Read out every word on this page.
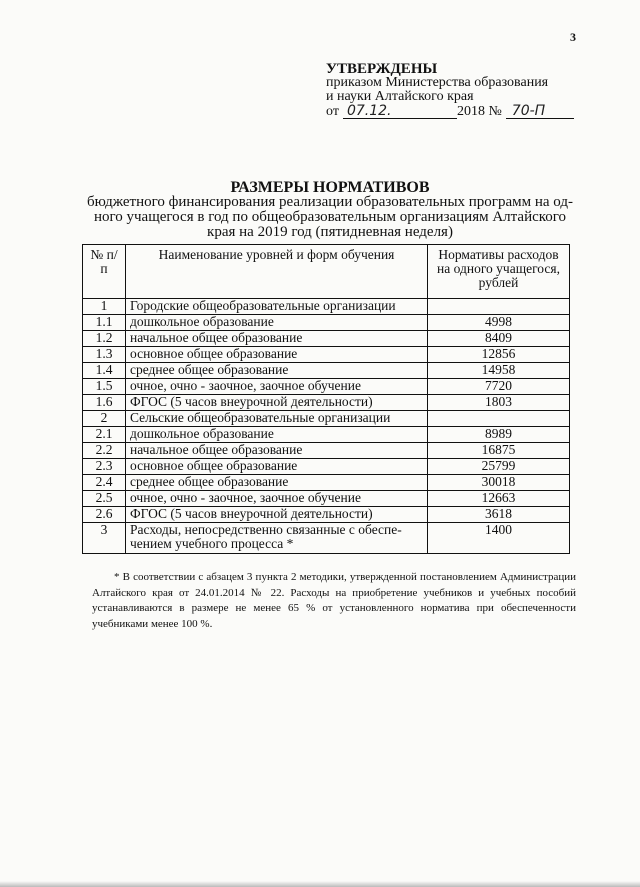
3
УТВЕРЖДЕНЫ
приказом Министерства образования
и науки Алтайского края
от 07.12.	2018
№ 70-П
РАЗМЕРЫ НОРМАТИВОВ
бюджетного финансирования реализации образовательных программ на од-
ного учащегося в год по общеобразовательным организациям Алтайского
края на 2019 год (пятидневная неделя)
№ п/п	Наименование уровней и форм обучения	Нормативы расходов на одного учащегося, рублей
1	Городские общеобразовательные организации	
1.1	дошкольное образование	4998
1.2	начальное общее образование	8409
1.3	основное общее образование	12856
1.4	среднее общее образование	14958
1.5	очное, очно - заочное, заочное обучение	7720
1.6	ФГОС (5 часов внеурочной деятельности)	1803
2	Сельские общеобразовательные организации	
2.1	дошкольное образование	8989
2.2	начальное общее образование	16875
2.3	основное общее образование	25799
2.4	среднее общее образование	30018
2.5	очное, очно - заочное, заочное обучение	12663
2.6	ФГОС (5 часов внеурочной деятельности)	3618
3	Расходы, непосредственно связанные с обеспе-чением учебного процесса *	1400
* В соответствии с абзацем 3 пункта 2 методики, утвержденной постановлением Администрации Алтайского края от 24.01.2014 № 22. Расходы на приобретение учебников и учебных пособий устанавливаются в размере не менее 65 % от установленного норматива при обеспеченности учебниками менее 100 %.
